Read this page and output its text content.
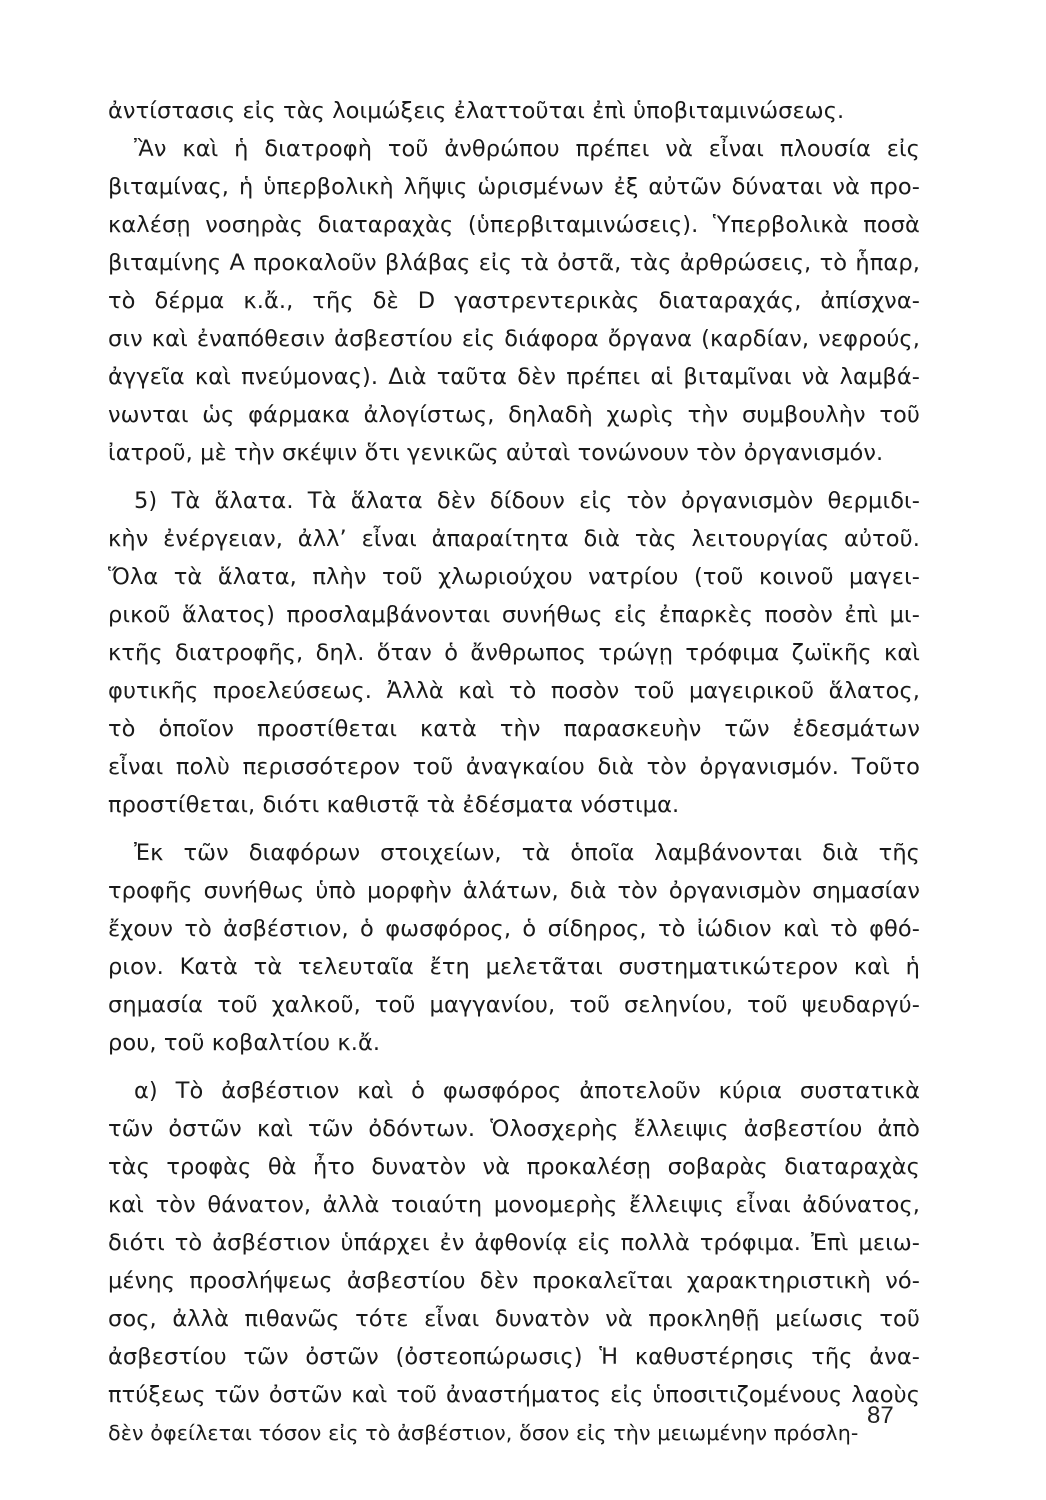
ἀντίστασις εἰς τὰς λοιμώξεις ἐλαττοῦται ἐπὶ ὑποβιταμινώσεως.
Ἂν καὶ ἡ διατροφὴ τοῦ ἀνθρώπου πρέπει νὰ εἶναι πλουσία εἰς
βιταμίνας, ἡ ὑπερβολικὴ λῆψις ὡρισμένων ἐξ αὐτῶν δύναται νὰ προ-
καλέσῃ νοσηρὰς διαταραχὰς (ὑπερβιταμινώσεις). Ὑπερβολικὰ ποσὰ
βιταμίνης Α προκαλοῦν βλάβας εἰς τὰ ὀστᾶ, τὰς ἀρθρώσεις, τὸ ἧπαρ,
τὸ δέρμα κ.ἄ., τῆς δὲ D γαστρεντερικὰς διαταραχάς, ἀπίσχνα-
σιν καὶ ἐναπόθεσιν ἀσβεστίου εἰς διάφορα ὄργανα (καρδίαν, νεφρούς,
ἀγγεῖα καὶ πνεύμονας). Διὰ ταῦτα δὲν πρέπει αἱ βιταμῖναι νὰ λαμβά-
νωνται ὡς φάρμακα ἀλογίστως, δηλαδὴ χωρὶς τὴν συμβουλὴν τοῦ
ἰατροῦ, μὲ τὴν σκέψιν ὅτι γενικῶς αὐταὶ τονώνουν τὸν ὀργανισμόν.
5) Τὰ ἅλατα. Τὰ ἅλατα δὲν δίδουν εἰς τὸν ὀργανισμὸν θερμιδι-
κὴν ἐνέργειαν, ἀλλ’ εἶναι ἀπαραίτητα διὰ τὰς λειτουργίας αὐτοῦ.
Ὅλα τὰ ἅλατα, πλὴν τοῦ χλωριούχου νατρίου (τοῦ κοινοῦ μαγει-
ρικοῦ ἅλατος) προσλαμβάνονται συνήθως εἰς ἐπαρκὲς ποσὸν ἐπὶ μι-
κτῆς διατροφῆς, δηλ. ὅταν ὁ ἄνθρωπος τρώγῃ τρόφιμα ζωϊκῆς καὶ
φυτικῆς προελεύσεως. Ἀλλὰ καὶ τὸ ποσὸν τοῦ μαγειρικοῦ ἅλατος,
τὸ ὁποῖον προστίθεται κατὰ τὴν παρασκευὴν τῶν ἐδεσμάτων
εἶναι πολὺ περισσότερον τοῦ ἀναγκαίου διὰ τὸν ὀργανισμόν. Τοῦτο
προστίθεται, διότι καθιστᾷ τὰ ἐδέσματα νόστιμα.
Ἐκ τῶν διαφόρων στοιχείων, τὰ ὁποῖα λαμβάνονται διὰ τῆς
τροφῆς συνήθως ὑπὸ μορφὴν ἁλάτων, διὰ τὸν ὀργανισμὸν σημασίαν
ἔχουν τὸ ἀσβέστιον, ὁ φωσφόρος, ὁ σίδηρος, τὸ ἰώδιον καὶ τὸ φθό-
ριον. Κατὰ τὰ τελευταῖα ἔτη μελετᾶται συστηματικώτερον καὶ ἡ
σημασία τοῦ χαλκοῦ, τοῦ μαγγανίου, τοῦ σεληνίου, τοῦ ψευδαργύ-
ρου, τοῦ κοβαλτίου κ.ἄ.
α) Τὸ ἀσβέστιον καὶ ὁ φωσφόρος ἀποτελοῦν κύρια συστατικὰ
τῶν ὀστῶν καὶ τῶν ὀδόντων. Ὁλοσχερὴς ἔλλειψις ἀσβεστίου ἀπὸ
τὰς τροφὰς θὰ ἦτο δυνατὸν νὰ προκαλέσῃ σοβαρὰς διαταραχὰς
καὶ τὸν θάνατον, ἀλλὰ τοιαύτη μονομερὴς ἔλλειψις εἶναι ἀδύνατος,
διότι τὸ ἀσβέστιον ὑπάρχει ἐν ἀφθονίᾳ εἰς πολλὰ τρόφιμα. Ἐπὶ μειω-
μένης προσλήψεως ἀσβεστίου δὲν προκαλεῖται χαρακτηριστικὴ νό-
σος, ἀλλὰ πιθανῶς τότε εἶναι δυνατὸν νὰ προκληθῇ μείωσις τοῦ
ἀσβεστίου τῶν ὀστῶν (ὀστεοπώρωσις) Ἡ καθυστέρησις τῆς ἀνα-
πτύξεως τῶν ὀστῶν καὶ τοῦ ἀναστήματος εἰς ὑποσιτιζομένους λαοὺς
δὲν ὀφείλεται τόσον εἰς τὸ ἀσβέστιον, ὅσον εἰς τὴν μειωμένην πρόσλη-
87
